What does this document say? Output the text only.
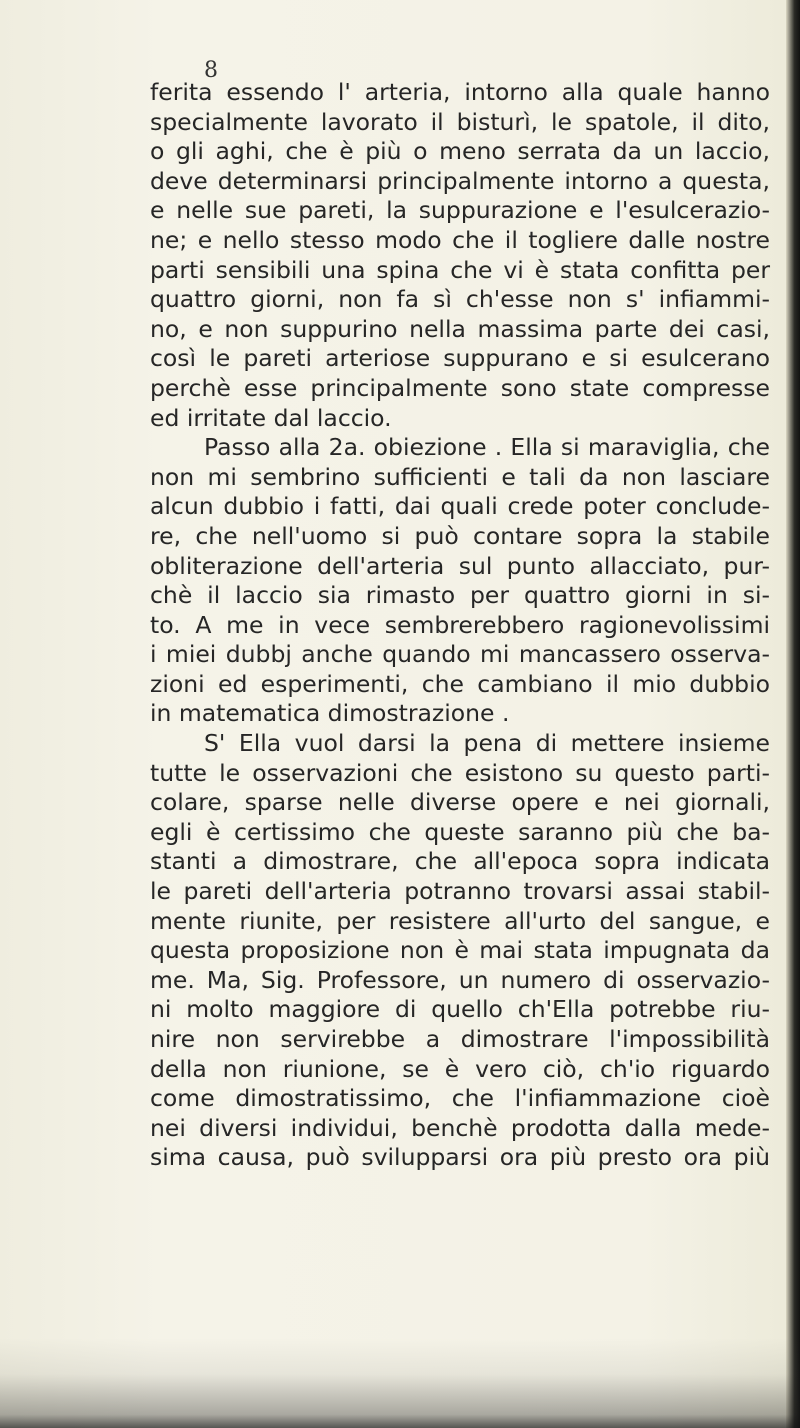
8
ferita essendo l' arteria, intorno alla quale hanno
specialmente lavorato il bisturì, le spatole, il dito,
o gli aghi, che è più o meno serrata da un laccio,
deve determinarsi principalmente intorno a questa,
e nelle sue pareti, la suppurazione e l'esulcerazio-
ne; e nello stesso modo che il togliere dalle nostre
parti sensibili una spina che vi è stata confitta per
quattro giorni, non fa sì ch'esse non s' infiammi-
no, e non suppurino nella massima parte dei casi,
così le pareti arteriose suppurano e si esulcerano
perchè esse principalmente sono state compresse
ed irritate dal laccio.
Passo alla 2a. obiezione . Ella si maraviglia, che
non mi sembrino sufficienti e tali da non lasciare
alcun dubbio i fatti, dai quali crede poter conclude-
re, che nell'uomo si può contare sopra la stabile
obliterazione dell'arteria sul punto allacciato, pur-
chè il laccio sia rimasto per quattro giorni in si-
to. A me in vece sembrerebbero ragionevolissimi
i miei dubbj anche quando mi mancassero osserva-
zioni ed esperimenti, che cambiano il mio dubbio
in matematica dimostrazione .
S' Ella vuol darsi la pena di mettere insieme
tutte le osservazioni che esistono su questo parti-
colare, sparse nelle diverse opere e nei giornali,
egli è certissimo che queste saranno più che ba-
stanti a dimostrare, che all'epoca sopra indicata
le pareti dell'arteria potranno trovarsi assai stabil-
mente riunite, per resistere all'urto del sangue, e
questa proposizione non è mai stata impugnata da
me. Ma, Sig. Professore, un numero di osservazio-
ni molto maggiore di quello ch'Ella potrebbe riu-
nire non servirebbe a dimostrare l'impossibilità
della non riunione, se è vero ciò, ch'io riguardo
come dimostratissimo, che l'infiammazione cioè
nei diversi individui, benchè prodotta dalla mede-
sima causa, può svilupparsi ora più presto ora più
